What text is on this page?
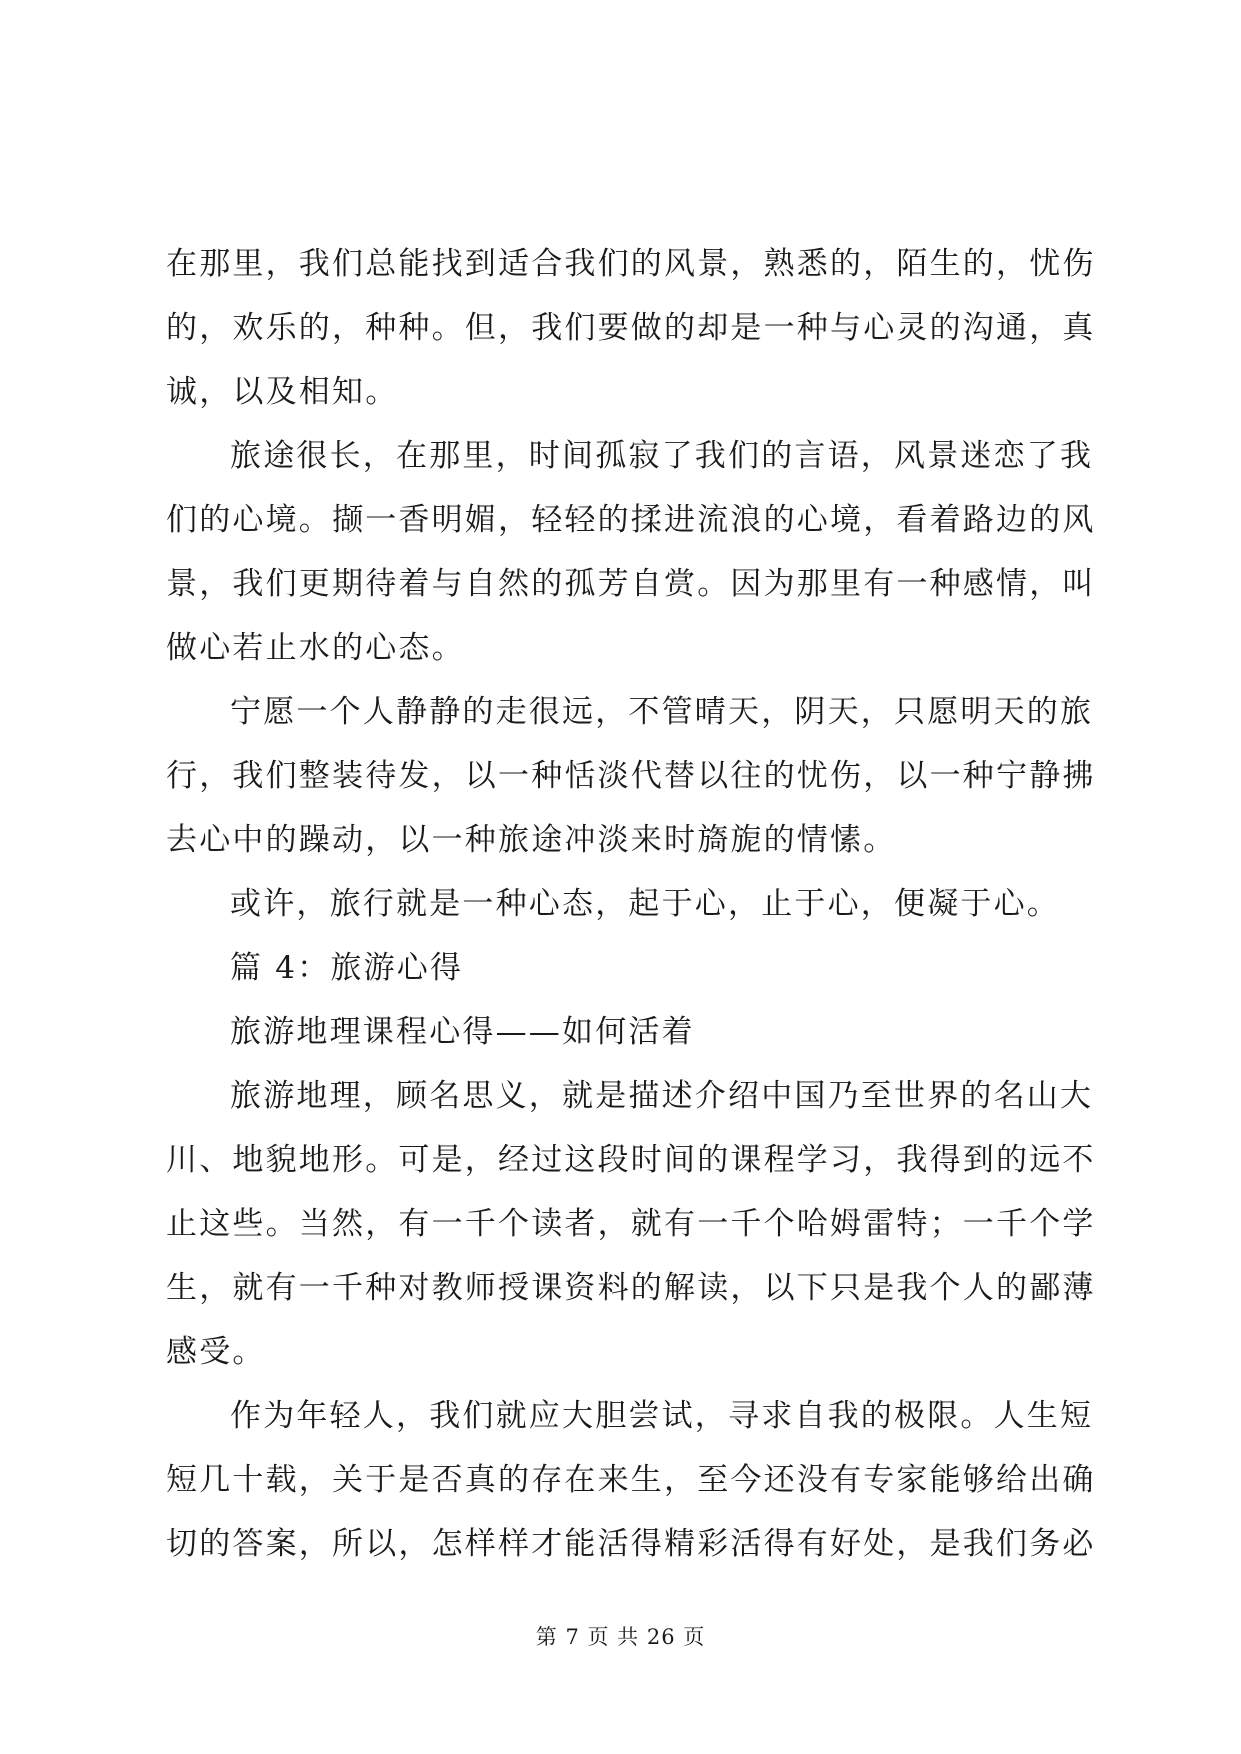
在那里，我们总能找到适合我们的风景，熟悉的，陌生的，忧伤
的，欢乐的，种种。但，我们要做的却是一种与心灵的沟通，真
诚，以及相知。
旅途很长，在那里，时间孤寂了我们的言语，风景迷恋了我
们的心境。撷一香明媚，轻轻的揉进流浪的心境，看着路边的风
景，我们更期待着与自然的孤芳自赏。因为那里有一种感情，叫
做心若止水的心态。
宁愿一个人静静的走很远，不管晴天，阴天，只愿明天的旅
行，我们整装待发，以一种恬淡代替以往的忧伤，以一种宁静拂
去心中的躁动，以一种旅途冲淡来时旖旎的情愫。
或许，旅行就是一种心态，起于心，止于心，便凝于心。
篇 4：旅游心得
旅游地理课程心得——如何活着
旅游地理，顾名思义，就是描述介绍中国乃至世界的名山大
川、地貌地形。可是，经过这段时间的课程学习，我得到的远不
止这些。当然，有一千个读者，就有一千个哈姆雷特；一千个学
生，就有一千种对教师授课资料的解读，以下只是我个人的鄙薄
感受。
作为年轻人，我们就应大胆尝试，寻求自我的极限。人生短
短几十载，关于是否真的存在来生，至今还没有专家能够给出确
切的答案，所以，怎样样才能活得精彩活得有好处，是我们务必
第 7 页 共 26 页
